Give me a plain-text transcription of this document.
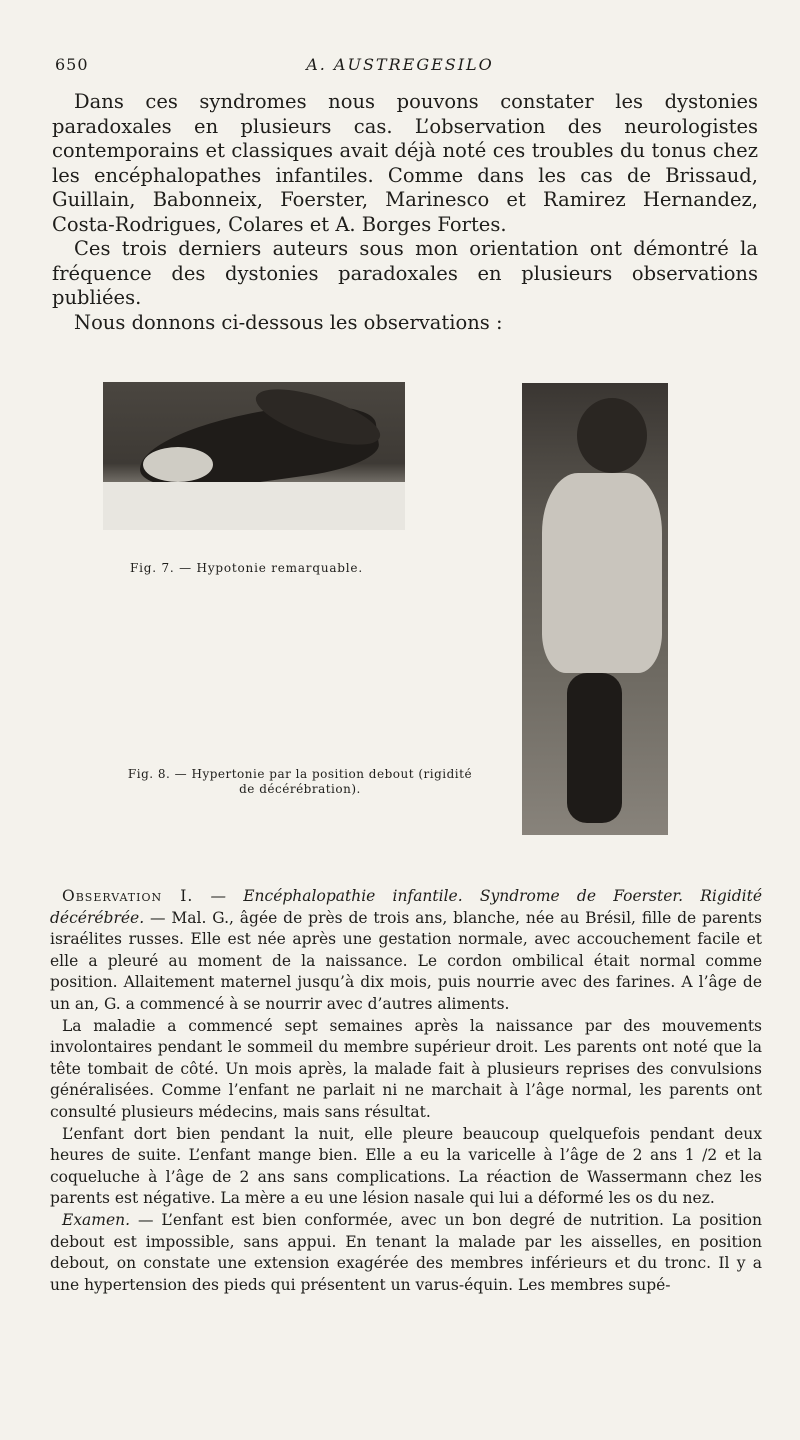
650	A. AUSTREGESILO

Dans ces syndromes nous pouvons constater les dystonies paradoxales en plusieurs cas. L’observation des neurologistes contemporains et classiques avait déjà noté ces troubles du tonus chez les encéphalopathes infantiles. Comme dans les cas de Brissaud, Guillain, Babonneix, Foerster, Marinesco et Ramirez Hernandez, Costa-Rodrigues, Colares et A. Borges Fortes.

Ces trois derniers auteurs sous mon orientation ont démontré la fréquence des dystonies paradoxales en plusieurs observations publiées.

Nous donnons ci-dessous les observations :

Fig. 7. — Hypotonie remarquable.
Fig. 8. — Hypertonie par la position debout (rigidité
de décérébration).

Observation I. — Encéphalopathie infantile. Syndrome de Foerster. Rigidité décérébrée. — Mal. G., âgée de près de trois ans, blanche, née au Brésil, fille de parents israélites russes. Elle est née après une gestation normale, avec accouchement facile et elle a pleuré au moment de la naissance. Le cordon ombilical était normal comme position. Allaitement maternel jusqu’à dix mois, puis nourrie avec des farines. A l’âge de un an, G. a commencé à se nourrir avec d’autres aliments.

La maladie a commencé sept semaines après la naissance par des mouvements involontaires pendant le sommeil du membre supérieur droit. Les parents ont noté que la tête tombait de côté. Un mois après, la malade fait à plusieurs reprises des convulsions généralisées. Comme l’enfant ne parlait ni ne marchait à l’âge normal, les parents ont consulté plusieurs médecins, mais sans résultat.

L’enfant dort bien pendant la nuit, elle pleure beaucoup quelquefois pendant deux heures de suite. L’enfant mange bien. Elle a eu la varicelle à l’âge de 2 ans 1 /2 et la coqueluche à l’âge de 2 ans sans complications. La réaction de Wassermann chez les parents est négative. La mère a eu une lésion nasale qui lui a déformé les os du nez.

Examen. — L’enfant est bien conformée, avec un bon degré de nutrition. La position debout est impossible, sans appui. En tenant la malade par les aisselles, en position debout, on constate une extension exagérée des membres inférieurs et du tronc. Il y a une hypertension des pieds qui présentent un varus-équin. Les membres supé-
